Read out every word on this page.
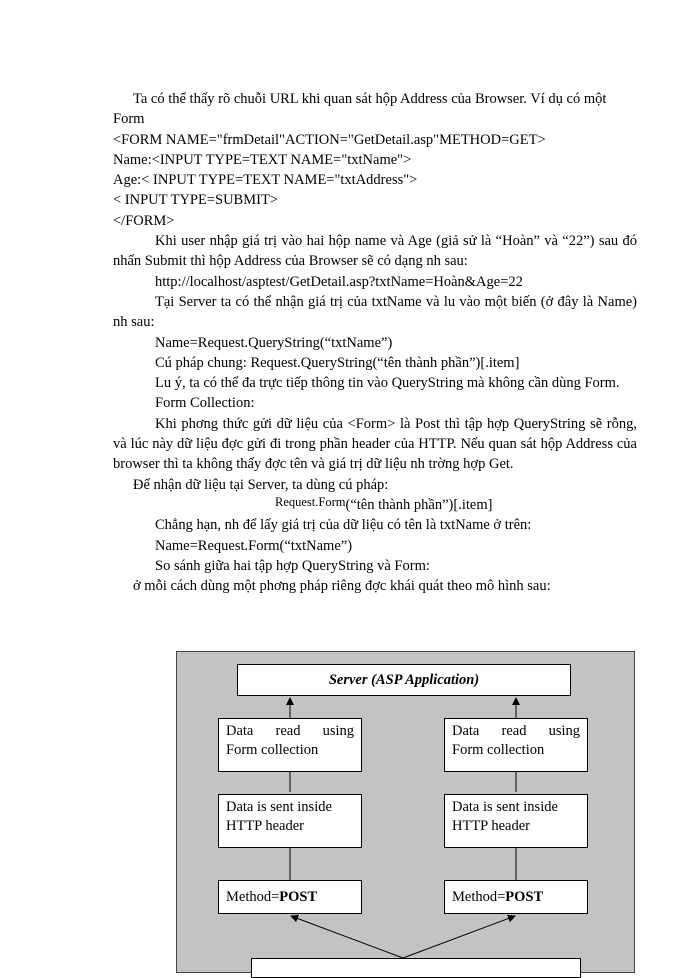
Ta có thể thấy rõ chuỗi URL khi quan sát hộp Address của Browser. Ví dụ có một Form

<FORM NAME="frmDetail"ACTION="GetDetail.asp"METHOD=GET>

Name:<INPUT TYPE=TEXT NAME="txtName">

Age:< INPUT TYPE=TEXT NAME="txtAddress">

< INPUT TYPE=SUBMIT>

</FORM>

Khi user nhập giá trị vào hai hộp name và Age (giả sử là “Hoàn” và “22”) sau đó nhấn Submit thì hộp Address của Browser sẽ có dạng nh sau:

http://localhost/asptest/GetDetail.asp?txtName=Hoàn&Age=22

Tại Server ta có thể nhận giá trị của txtName và lu vào một biến (ở đây là Name) nh sau:

Name=Request.QueryString(“txtName”)

Cú pháp chung: Request.QueryString(“tên thành phần”)[.item]

Lu ý, ta có thể đa trực tiếp thông tin vào QueryString mà không cần dùng Form.

Form Collection:

Khi phơng thức gửi dữ liệu của <Form> là Post thì tập hợp QueryString sẽ rỗng, và lúc này dữ liệu đợc gửi đi trong phần header của HTTP. Nếu quan sát hộp Address của browser thì ta không thấy đợc tên và giá trị dữ liệu nh trờng hợp Get.

Để nhận dữ liệu tại Server, ta dùng cú pháp:

Request.Form(“tên thành phần”)[.item]

Chẳng hạn, nh để lấy giá trị của dữ liệu có tên là txtName ở trên:

Name=Request.Form(“txtName”)

So sánh giữa hai tập hợp QueryString và Form:

ở mỗi cách dùng một phơng pháp riêng đợc khái quát theo mô hình sau:

Server (ASP Application)
Data read using
Form collection
Data read using
Form collection
Data is sent inside
HTTP header
Data is sent inside
HTTP header
Method=POST	Method=POST
